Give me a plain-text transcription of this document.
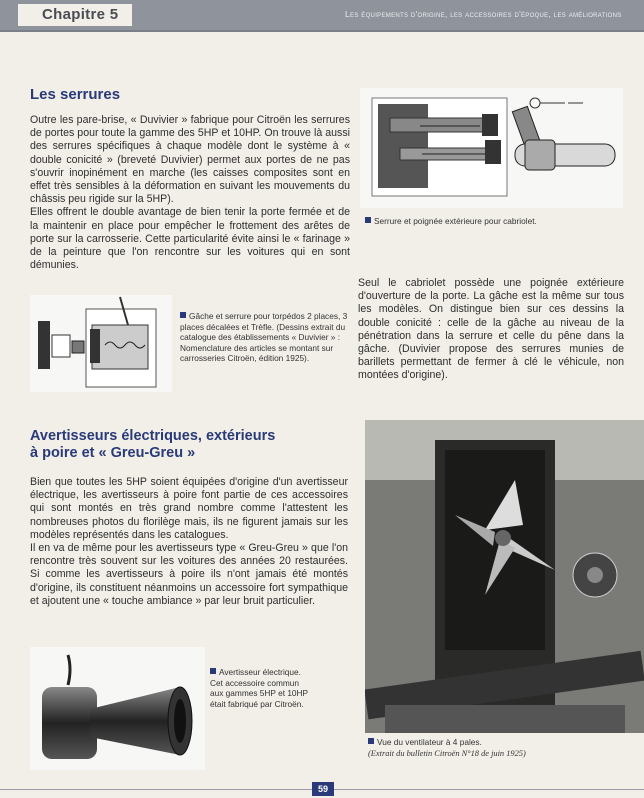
Chapitre 5	Les équipements d'origine, les accessoires d'époque, les améliorations
Les serrures

Outre les pare-brise, « Duvivier » fabrique pour Citroën les serrures de portes pour toute la gamme des 5HP et 10HP. On trouve là aussi des serrures spécifiques à chaque modèle dont le système à « double conicité » (breveté Duvivier) permet aux portes de ne pas s'ouvrir inopinément en marche (les caisses composites sont en effet très sensibles à la déformation en suivant les mouvements du châssis peu rigide sur la 5HP).

Elles offrent le double avantage de bien tenir la porte fermée et de la maintenir en place pour empêcher le frottement des arêtes de porte sur la carrosserie. Cette particularité évite ainsi le « farinage » de la peinture que l'on rencontre sur les voitures qui en sont démunies.

Serrure et poignée extérieure pour cabriolet.
Gâche et serrure pour torpédos 2 places, 3 places décalées et Trèfle. (Dessins extrait du catalogue des établissements « Duvivier » : Nomenclature des articles se montant sur carrosseries Citroën, édition 1925).

Seul le cabriolet possède une poignée extérieure d'ouverture de la porte. La gâche est la même sur tous les modèles. On distingue bien sur ces dessins la double conicité : celle de la gâche au niveau de la pénétration dans la serrure et celle du pêne dans la gâche. (Duvivier propose des serrures munies de barillets permettant de fermer à clé le véhicule, non montées d'origine).

Avertisseurs électriques, extérieurs
à poire et « Greu-Greu »

Bien que toutes les 5HP soient équipées d'origine d'un avertisseur électrique, les avertisseurs à poire font partie de ces accessoires qui sont montés en très grand nombre comme l'attestent les nombreuses photos du florilège mais, ils ne figurent jamais sur les modèles représentés dans les catalogues.

Il en va de même pour les avertisseurs type « Greu-Greu » que l'on rencontre très souvent sur les voitures des années 20 restaurées. Si comme les avertisseurs à poire ils n'ont jamais été montés d'origine, ils constituent néanmoins un accessoire fort sympathique et ajoutent une « touche ambiance » par leur bruit particulier.

Avertisseur électrique. Cet accessoire commun aux gammes 5HP et 10HP était fabriqué par Citroën.
Vue du ventilateur à 4 pales.
(Extrait du bulletin Citroën N°18 de juin 1925)
59
